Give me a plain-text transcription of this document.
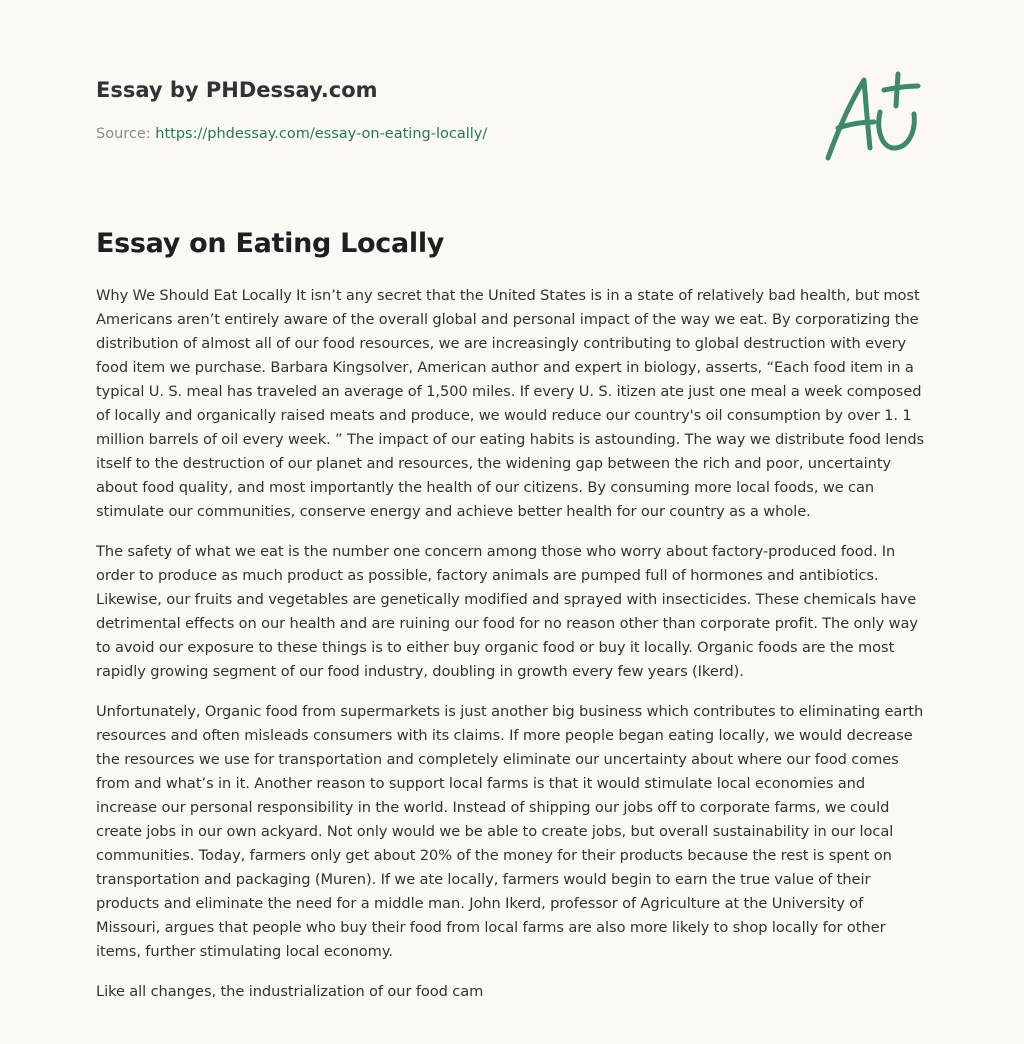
Essay by PHDessay.com
Source: https://phdessay.com/essay-on-eating-locally/
Essay on Eating Locally

Why We Should Eat Locally It isn’t any secret that the United States is in a state of relatively bad health, but most Americans aren’t entirely aware of the overall global and personal impact of the way we eat. By corporatizing the distribution of almost all of our food resources, we are increasingly contributing to global destruction with every food item we purchase. Barbara Kingsolver, American author and expert in biology, asserts, “Each food item in a typical U. S. meal has traveled an average of 1,500 miles. If every U. S. itizen ate just one meal a week composed of locally and organically raised meats and produce, we would reduce our country's oil consumption by over 1. 1 million barrels of oil every week. ” The impact of our eating habits is astounding. The way we distribute food lends itself to the destruction of our planet and resources, the widening gap between the rich and poor, uncertainty about food quality, and most importantly the health of our citizens. By consuming more local foods, we can stimulate our communities, conserve energy and achieve better health for our country as a whole.

The safety of what we eat is the number one concern among those who worry about factory-produced food. In order to produce as much product as possible, factory animals are pumped full of hormones and antibiotics. Likewise, our fruits and vegetables are genetically modified and sprayed with insecticides. These chemicals have detrimental effects on our health and are ruining our food for no reason other than corporate profit. The only way to avoid our exposure to these things is to either buy organic food or buy it locally. Organic foods are the most rapidly growing segment of our food industry, doubling in growth every few years (Ikerd).

Unfortunately, Organic food from supermarkets is just another big business which contributes to eliminating earth resources and often misleads consumers with its claims. If more people began eating locally, we would decrease the resources we use for transportation and completely eliminate our uncertainty about where our food comes from and what’s in it. Another reason to support local farms is that it would stimulate local economies and increase our personal responsibility in the world. Instead of shipping our jobs off to corporate farms, we could create jobs in our own ackyard. Not only would we be able to create jobs, but overall sustainability in our local communities. Today, farmers only get about 20% of the money for their products because the rest is spent on transportation and packaging (Muren). If we ate locally, farmers would begin to earn the true value of their products and eliminate the need for a middle man. John Ikerd, professor of Agriculture at the University of Missouri, argues that people who buy their food from local farms are also more likely to shop locally for other items, further stimulating local economy.

Like all changes, the industrialization of our food cam
